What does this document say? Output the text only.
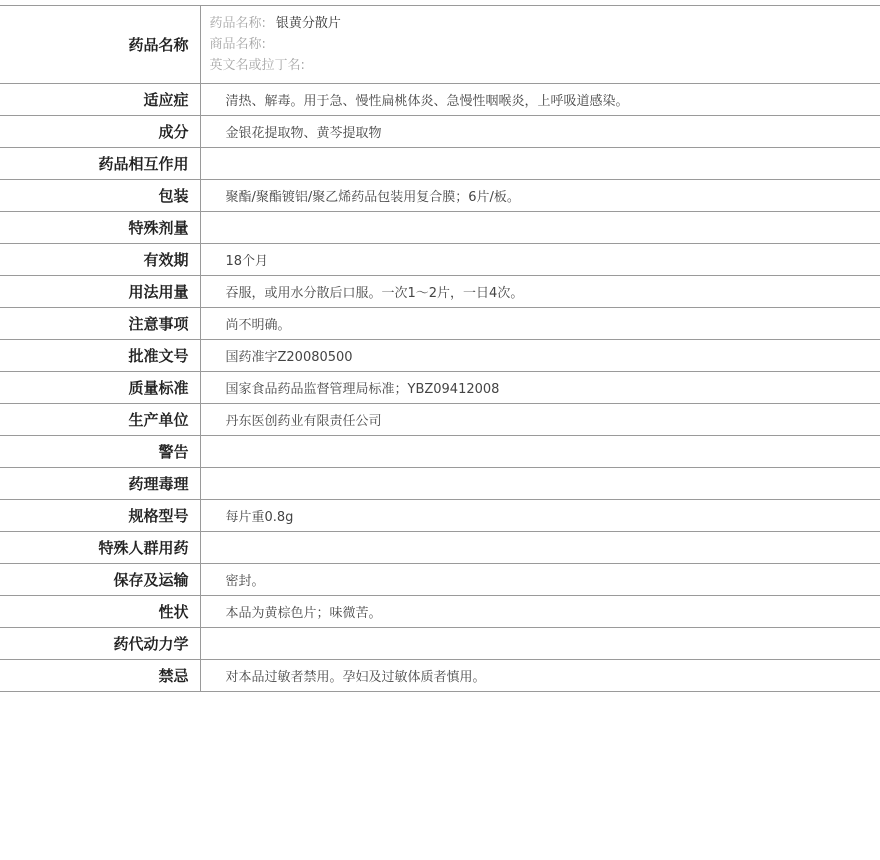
药品名称	药品名称: 银黄分散片
商品名称:
英文名或拉丁名:

适应症	清热、解毒。用于急、慢性扁桃体炎、急慢性咽喉炎，上呼吸道感染。
成分	金银花提取物、黄芩提取物
药品相互作用	
包装	聚酯/聚酯镀铝/聚乙烯药品包装用复合膜；6片/板。
特殊剂量	
有效期	18个月
用法用量	吞服，或用水分散后口服。一次1～2片，一日4次。
注意事项	尚不明确。
批准文号	国药准字Z20080500
质量标准	国家食品药品监督管理局标准；YBZ09412008
生产单位	丹东医创药业有限责任公司
警告	
药理毒理	
规格型号	每片重0.8g
特殊人群用药	
保存及运输	密封。
性状	本品为黄棕色片；味微苦。
药代动力学	
禁忌	对本品过敏者禁用。孕妇及过敏体质者慎用。
